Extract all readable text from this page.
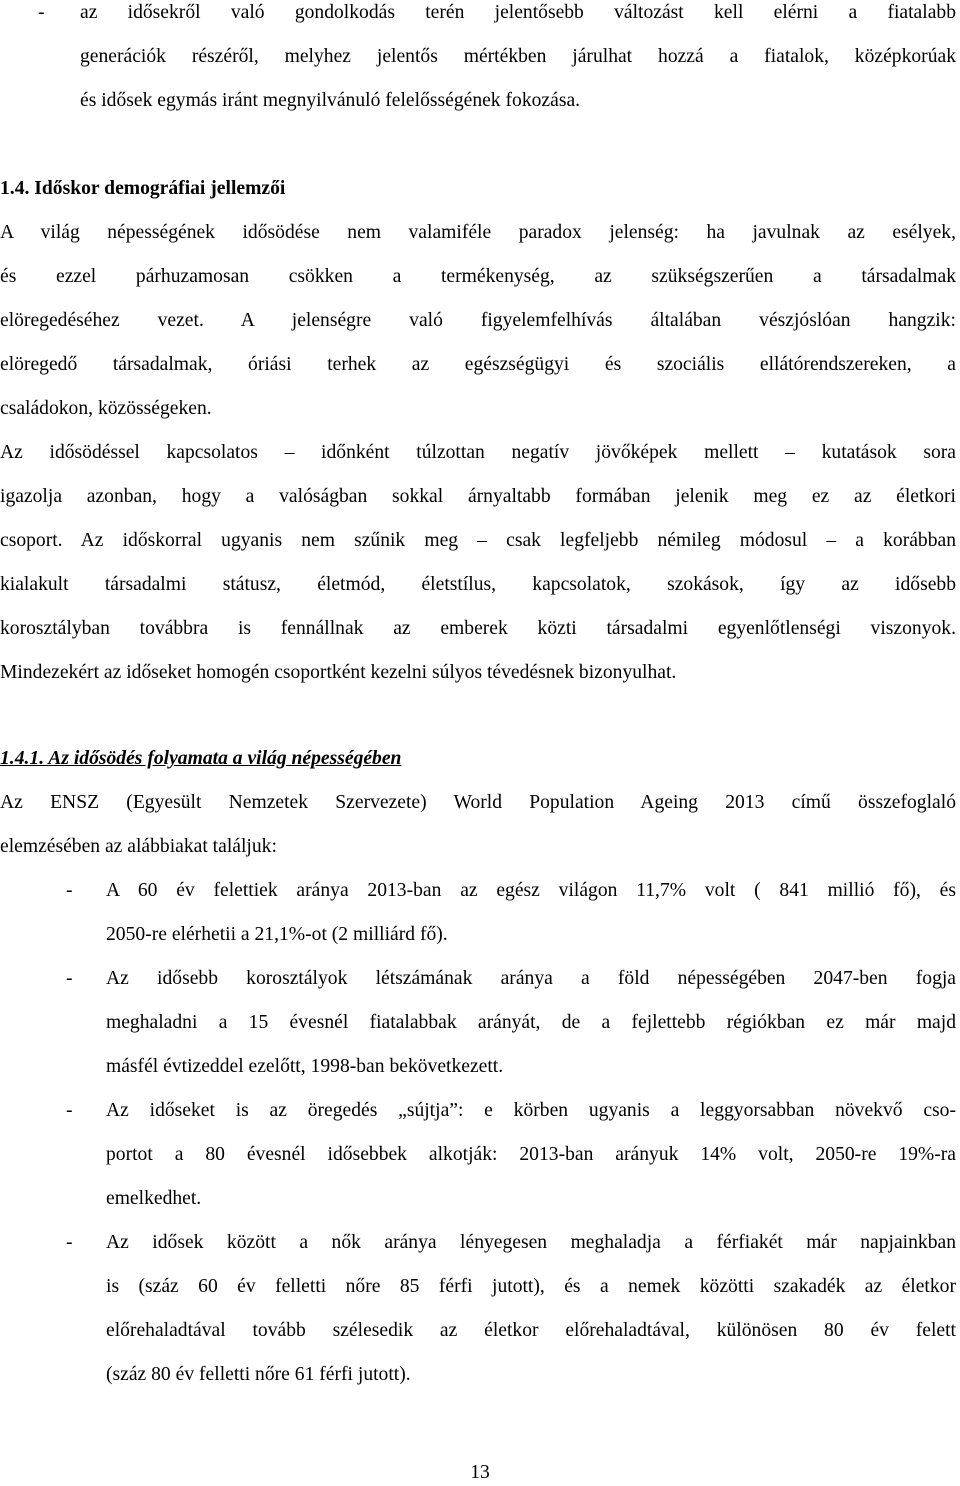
- az idősekről való gondolkodás terén jelentősebb változást kell elérni a fiatalabb
generációk részéről, melyhez jelentős mértékben járulhat hozzá a fiatalok, középkorúak
és idősek egymás iránt megnyilvánuló felelősségének fokozása.
1.4. Időskor demográfiai jellemzői
A világ népességének idősödése nem valamiféle paradox jelenség: ha javulnak az esélyek,
és ezzel párhuzamosan csökken a termékenység, az szükségszerűen a társadalmak
elöregedéséhez vezet. A jelenségre való figyelemfelhívás általában vészjóslóan hangzik:
elöregedő társadalmak, óriási terhek az egészségügyi és szociális ellátórendszereken, a
családokon, közösségeken.
Az idősödéssel kapcsolatos – időnként túlzottan negatív jövőképek mellett – kutatások sora
igazolja azonban, hogy a valóságban sokkal árnyaltabb formában jelenik meg ez az életkori
csoport. Az időskorral ugyanis nem szűnik meg – csak legfeljebb némileg módosul – a korábban
kialakult társadalmi státusz, életmód, életstílus, kapcsolatok, szokások, így az idősebb
korosztályban továbbra is fennállnak az emberek közti társadalmi egyenlőtlenségi viszonyok.
Mindezekért az időseket homogén csoportként kezelni súlyos tévedésnek bizonyulhat.
1.4.1. Az idősödés folyamata a világ népességében
Az ENSZ (Egyesült Nemzetek Szervezete) World Population Ageing 2013 című összefoglaló
elemzésében az alábbiakat találjuk:
- A 60 év felettiek aránya 2013-ban az egész világon 11,7% volt ( 841 millió fő), és
2050-re elérhetii a 21,1%-ot (2 milliárd fő).
- Az idősebb korosztályok létszámának aránya a föld népességében 2047-ben fogja
meghaladni a 15 évesnél fiatalabbak arányát, de a fejlettebb régiókban ez már majd
másfél évtizeddel ezelőtt, 1998-ban bekövetkezett.
- Az időseket is az öregedés „sújtja”: e körben ugyanis a leggyorsabban növekvő cso-
portot a 80 évesnél idősebbek alkotják: 2013-ban arányuk 14% volt, 2050-re 19%-ra
emelkedhet.
- Az idősek között a nők aránya lényegesen meghaladja a férfiakét már napjainkban
is (száz 60 év felletti nőre 85 férfi jutott), és a nemek közötti szakadék az életkor
előrehaladtával tovább szélesedik az életkor előrehaladtával, különösen 80 év felett
(száz 80 év felletti nőre 61 férfi jutott).
13
